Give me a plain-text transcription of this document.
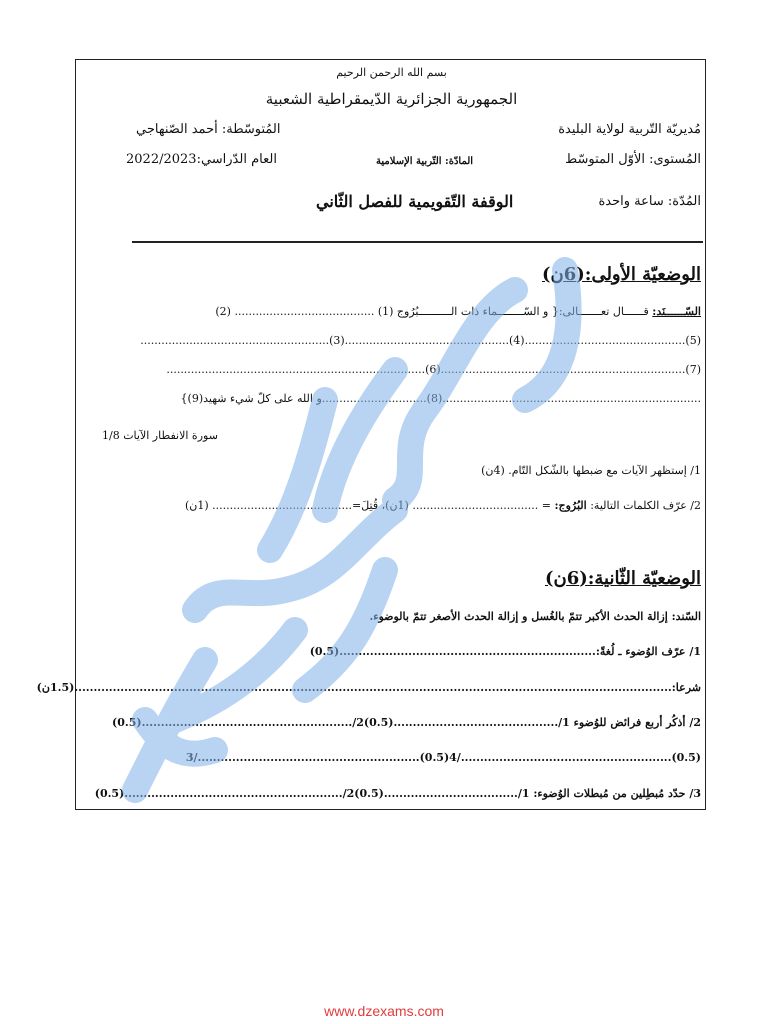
بسم الله الرحمن الرحيم
الجمهورية الجزائرية الدّيمقراطية الشعبية
مُديريّة التّربية لولاية البليدة
المُتوسّطة: أحمد الصّنهاجي
المُستوى: الأوّل المتوسّط
المادّة: التّربية الإسلامية
العام الدّراسي:2022/2023
المُدّة: ساعة واحدة
الوقفة التّقويمية للفصل الثّاني
الوضعيّة الأولى:(6ن)
السّــــــنَد: قــــــال تعـــــــالى:{ و السّــــــــماء ذات الــــــــــبُرُوج (1) ........................................ (2)
......................................................(3)...............................................(4)..............................................(5)
..........................................................................(6)......................................................................(7)
..........................................................................(8)..............................و الله على كلّ شيء شهيد(9)}
سورة الانفطار الآيات 1/8
1/ إستظهر الآيات مع ضبطها بالشّكل التّام. (4ن)
2/ عرّف الكلمات التالية: البُرُوج: = .................................... (1ن)، قُتِلَ=........................................ (1ن)
الوضعيّة الثّانية:(6ن)
السّند: إزالة الحدث الأكبر تتمّ بالغُسل و إزالة الحدث الأصغر تتمّ بالوضوء.
1/ عرّف الوُضوء ـ لُغةً:...................................................................(0.5)
شرعا:............................................................................................................................................................(1.5ن)
2/ أذكُر أربع فرائض للوُضوء 1/...........................................(0.5)2/.......................................................(0.5)
3/..........................................................(0.5)4/.......................................................(0.5)
3/ حدّد مُبطِلين من مُبطلات الوُضوء: 1/...................................(0.5)2/.........................................................(0.5)
www.dzexams.com
